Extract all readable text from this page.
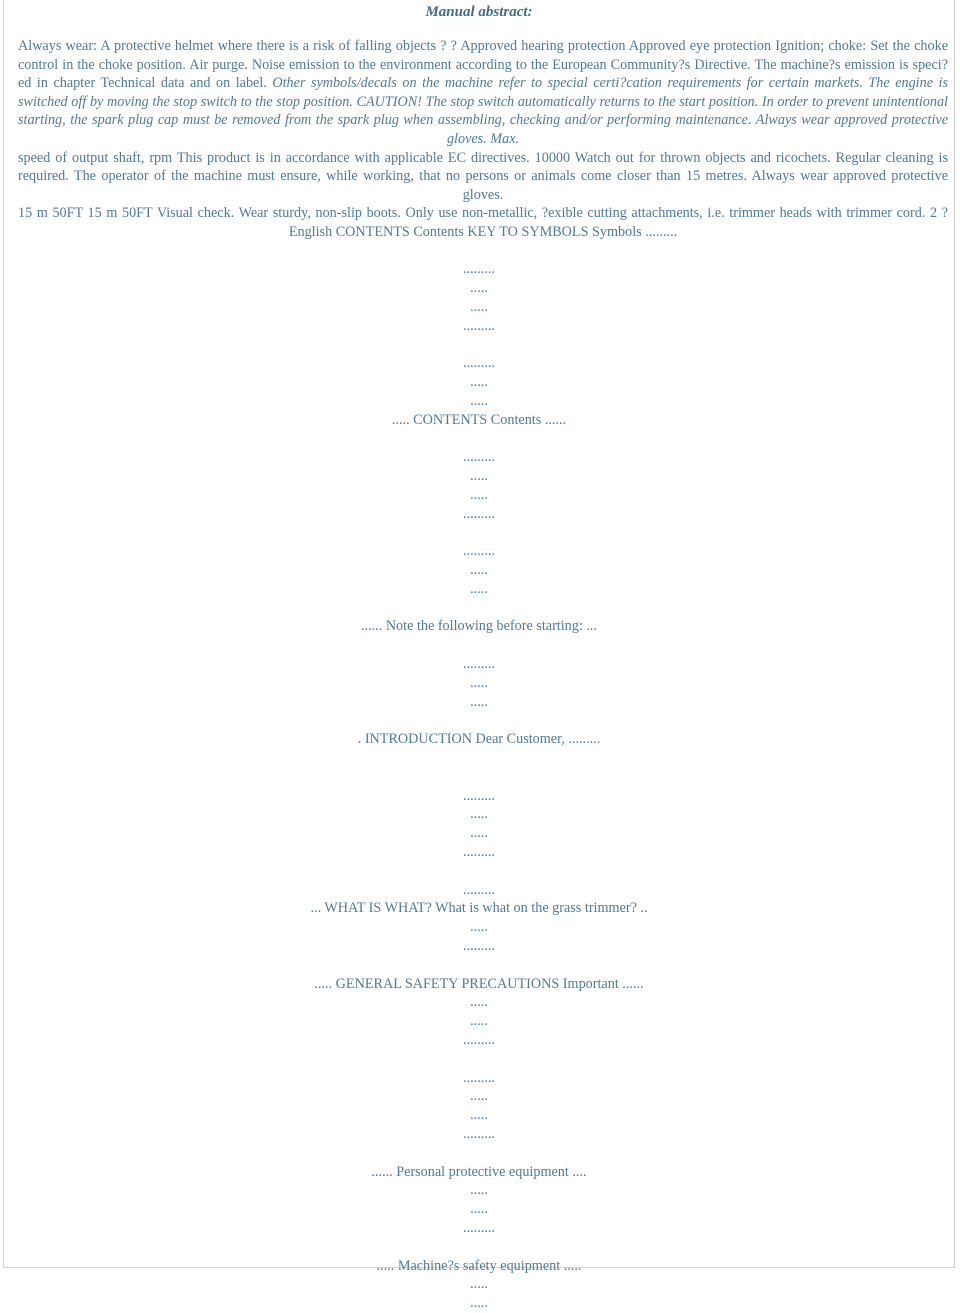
Manual abstract:

Always wear: A protective helmet where there is a risk of falling objects ? ? Approved hearing protection Approved eye protection Ignition; choke: Set the choke control in the choke position. Air purge. Noise emission to the environment according to the European Community?s Directive. The machine?s emission is speci?ed in chapter Technical data and on label. Other symbols/decals on the machine refer to special certi?cation requirements for certain markets. The engine is switched off by moving the stop switch to the stop position. CAUTION! The stop switch automatically returns to the start position. In order to prevent unintentional starting, the spark plug cap must be removed from the spark plug when assembling, checking and/or performing maintenance. Always wear approved protective gloves. Max.

speed of output shaft, rpm This product is in accordance with applicable EC directives. 10000 Watch out for thrown objects and ricochets. Regular cleaning is required. The operator of the machine must ensure, while working, that no persons or animals come closer than 15 metres. Always wear approved protective gloves.

15 m 50FT 15 m 50FT Visual check. Wear sturdy, non-slip boots. Only use non-metallic, ?exible cutting attachments, i.e. trimmer heads with trimmer cord. 2 ? English CONTENTS Contents KEY TO SYMBOLS Symbols .........

.........
.....
.....
.........
.........
.....
.....
..... CONTENTS Contents ......
.........
.....
.....
.........
.........
.....
.....
...... Note the following before starting: ...
.........
.....
.....
. INTRODUCTION Dear Customer, .........
.........
.....
.....
.........
.........
... WHAT IS WHAT? What is what on the grass trimmer? ..
.....
.........
..... GENERAL SAFETY PRECAUTIONS Important ......
.....
.....
.........
.........
.....
.....
.........
...... Personal protective equipment ....
.....
.....
.........
..... Machine?s safety equipment .....
.....
.....
